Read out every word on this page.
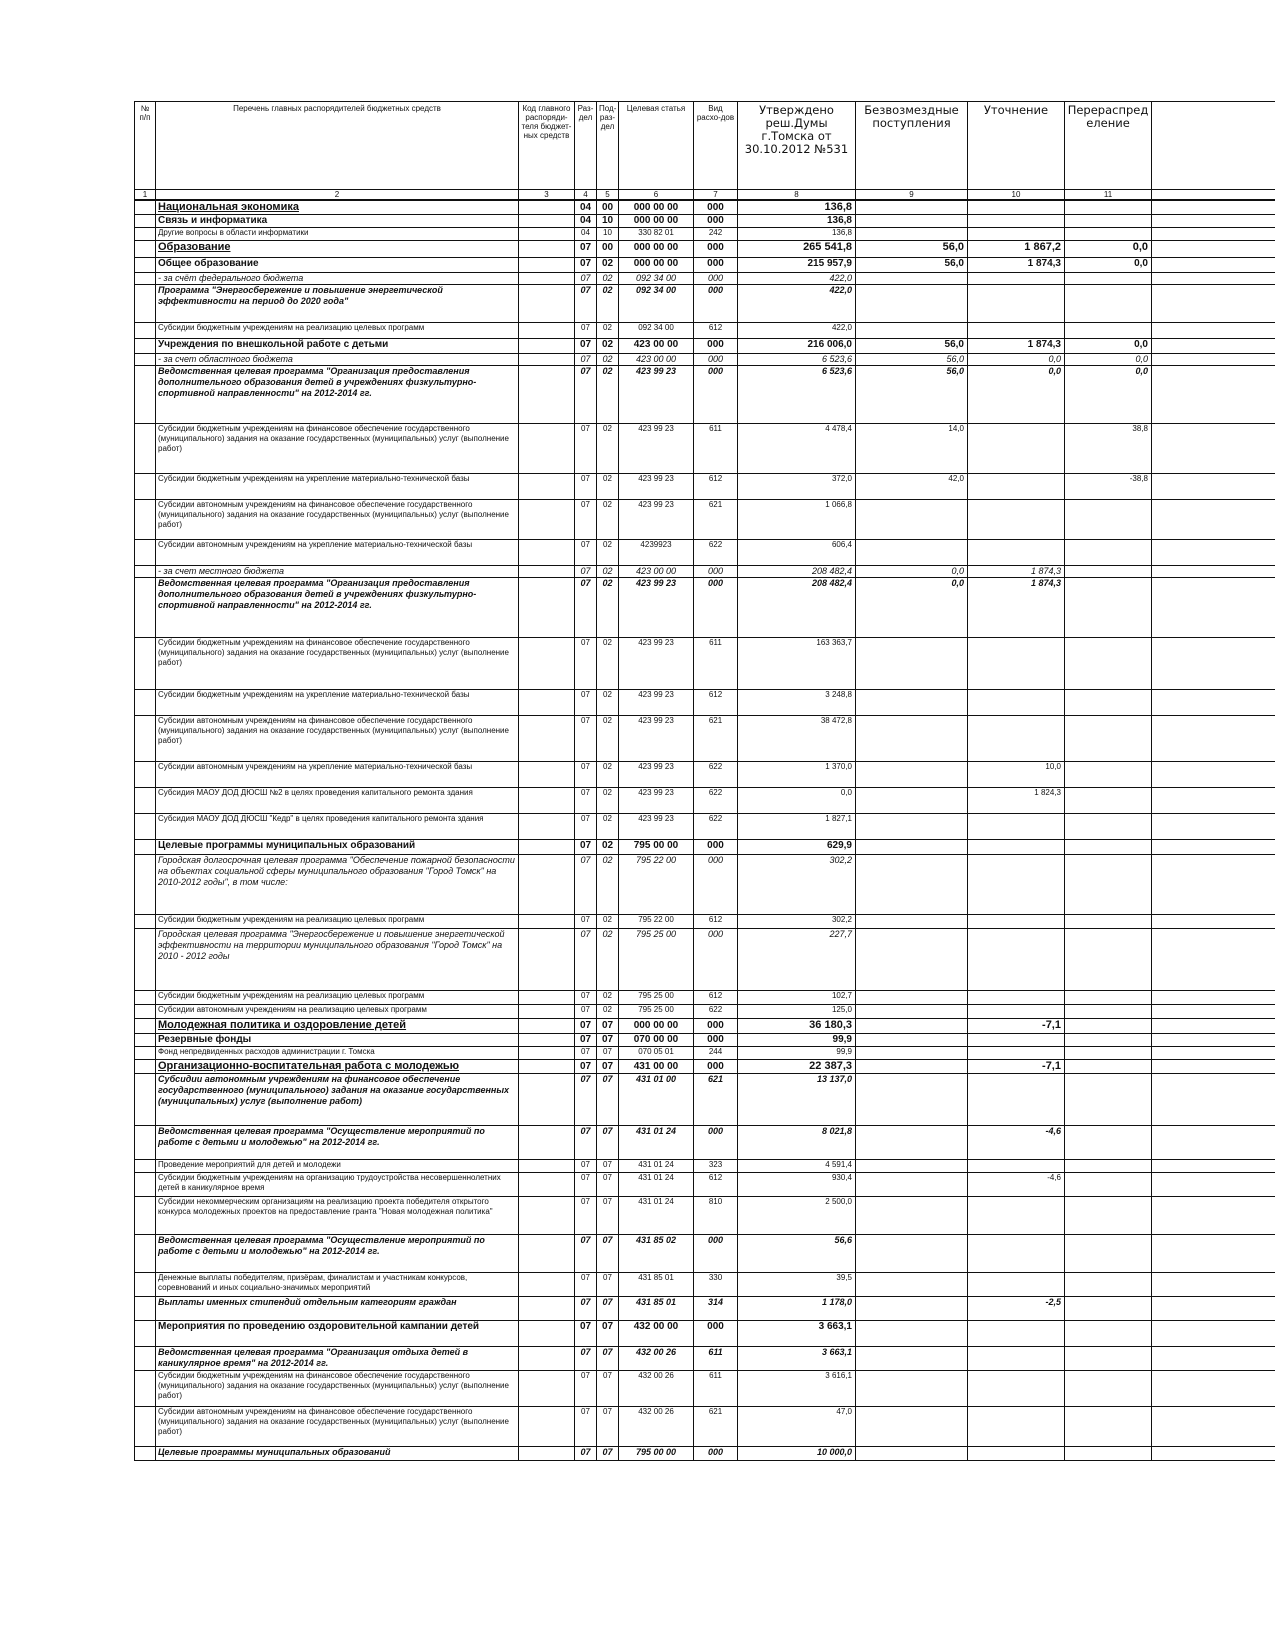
№ п/п	Перечень главных распорядителей бюджетных средств	Код главного распоряди-теля бюджет-ных средств	Раз-дел	Под-раз-дел	Целевая статья	Вид расхо-дов	Утверждено реш.Думы г.Томска от 30.10.2012 №531	Безвозмездные поступления	Уточнение	Перераспред еление	
1	2	3	4	5	6	7	8	9	10	11	
	Национальная экономика		04	00	000 00 00	000	136,8				
	Связь и информатика		04	10	000 00 00	000	136,8				
	Другие вопросы в области информатики		04	10	330 82 01	242	136,8				
	Образование		07	00	000 00 00	000	265 541,8	56,0	1 867,2	0,0	
	Общее образование		07	02	000 00 00	000	215 957,9	56,0	1 874,3	0,0	
	- за счёт федерального бюджета		07	02	092 34 00	000	422,0				
	Программа "Энергосбережение и повышение энергетической эффективности на период до 2020 года"		07	02	092 34 00	000	422,0				
	Субсидии бюджетным учреждениям на реализацию целевых программ		07	02	092 34 00	612	422,0				
	Учреждения по внешкольной работе с детьми		07	02	423 00 00	000	216 006,0	56,0	1 874,3	0,0	
	- за счет областного бюджета		07	02	423 00 00	000	6 523,6	56,0	0,0	0,0	
	Ведомственная целевая программа "Организация предоставления дополнительного образования детей в учреждениях физкультурно-спортивной направленности" на 2012-2014 гг.		07	02	423 99 23	000	6 523,6	56,0	0,0	0,0	
	Субсидии бюджетным учреждениям на финансовое обеспечение государственного (муниципального) задания на оказание государственных (муниципальных) услуг (выполнение работ)		07	02	423 99 23	611	4 478,4	14,0		38,8	
	Субсидии бюджетным учреждениям на укрепление материально-технической базы		07	02	423 99 23	612	372,0	42,0		-38,8	
	Субсидии автономным учреждениям на финансовое обеспечение государственного (муниципального) задания на оказание государственных (муниципальных) услуг (выполнение работ)		07	02	423 99 23	621	1 066,8				
	Субсидии автономным учреждениям на укрепление материально-технической базы		07	02	4239923	622	606,4				
	- за счет местного бюджета		07	02	423 00 00	000	208 482,4	0,0	1 874,3		
	Ведомственная целевая программа "Организация предоставления дополнительного образования детей в учреждениях физкультурно-спортивной направленности" на 2012-2014 гг.		07	02	423 99 23	000	208 482,4	0,0	1 874,3		
	Субсидии бюджетным учреждениям на финансовое обеспечение государственного (муниципального) задания на оказание государственных (муниципальных) услуг (выполнение работ)		07	02	423 99 23	611	163 363,7				
	Субсидии бюджетным учреждениям на укрепление материально-технической базы		07	02	423 99 23	612	3 248,8				
	Субсидии автономным учреждениям на финансовое обеспечение государственного (муниципального) задания на оказание государственных (муниципальных) услуг (выполнение работ)		07	02	423 99 23	621	38 472,8				
	Субсидии автономным учреждениям на укрепление материально-технической базы		07	02	423 99 23	622	1 370,0		10,0		
	Субсидия МАОУ ДОД ДЮСШ №2 в целях проведения капитального ремонта здания		07	02	423 99 23	622	0,0		1 824,3		
	Субсидия МАОУ ДОД ДЮСШ "Кедр" в целях проведения капитального ремонта здания		07	02	423 99 23	622	1 827,1				
	Целевые программы муниципальных образований		07	02	795 00 00	000	629,9				
	Городская долгосрочная целевая программа "Обеспечение пожарной безопасности на объектах социальной сферы муниципального образования "Город Томск" на 2010-2012 годы", в том числе:		07	02	795 22 00	000	302,2				
	Субсидии бюджетным учреждениям на реализацию целевых программ		07	02	795 22 00	612	302,2				
	Городская целевая программа "Энергосбережение и повышение энергетической эффективности на территории муниципального образования "Город Томск" на 2010 - 2012 годы		07	02	795 25 00	000	227,7				
	Субсидии бюджетным учреждениям на реализацию целевых программ		07	02	795 25 00	612	102,7				
	Субсидии автономным учреждениям на реализацию целевых программ		07	02	795 25 00	622	125,0				
	Молодежная политика и оздоровление детей		07	07	000 00 00	000	36 180,3		-7,1		
	Резервные фонды		07	07	070 00 00	000	99,9				
	Фонд непредвиденных расходов администрации г. Томска		07	07	070 05 01	244	99,9				
	Организационно-воспитательная работа с молодежью		07	07	431 00 00	000	22 387,3		-7,1		
	Субсидии автономным учреждениям на финансовое обеспечение государственного (муниципального) задания на оказание государственных (муниципальных) услуг (выполнение работ)		07	07	431 01 00	621	13 137,0				
	Ведомственная целевая программа "Осуществление мероприятий по работе с детьми и молодежью" на 2012-2014 гг.		07	07	431 01 24	000	8 021,8		-4,6		
	Проведение мероприятий для детей и молодежи		07	07	431 01 24	323	4 591,4				
	Субсидии бюджетным учреждениям на организацию трудоустройства несовершеннолетних детей в каникулярное время		07	07	431 01 24	612	930,4		-4,6		
	Субсидии некоммерческим организациям на реализацию проекта победителя открытого конкурса молодежных проектов на предоставление гранта "Новая молодежная политика"		07	07	431 01 24	810	2 500,0				
	Ведомственная целевая программа "Осуществление мероприятий по работе с детьми и молодежью" на 2012-2014 гг.		07	07	431 85 02	000	56,6				
	Денежные выплаты победителям, призёрам, финалистам и участникам конкурсов, соревнований и иных социально-значимых мероприятий		07	07	431 85 01	330	39,5				
	Выплаты именных стипендий отдельным категориям граждан		07	07	431 85 01	314	1 178,0		-2,5		
	Мероприятия по проведению оздоровительной кампании детей		07	07	432 00 00	000	3 663,1				
	Ведомственная целевая программа "Организация отдыха детей в каникулярное время" на 2012-2014 гг.		07	07	432 00 26	611	3 663,1				
	Субсидии бюджетным учреждениям на финансовое обеспечение государственного (муниципального) задания на оказание государственных (муниципальных) услуг (выполнение работ)		07	07	432 00 26	611	3 616,1				
	Субсидии автономным учреждениям на финансовое обеспечение государственного (муниципального) задания на оказание государственных (муниципальных) услуг (выполнение работ)		07	07	432 00 26	621	47,0				
	Целевые программы муниципальных образований		07	07	795 00 00	000	10 000,0				
